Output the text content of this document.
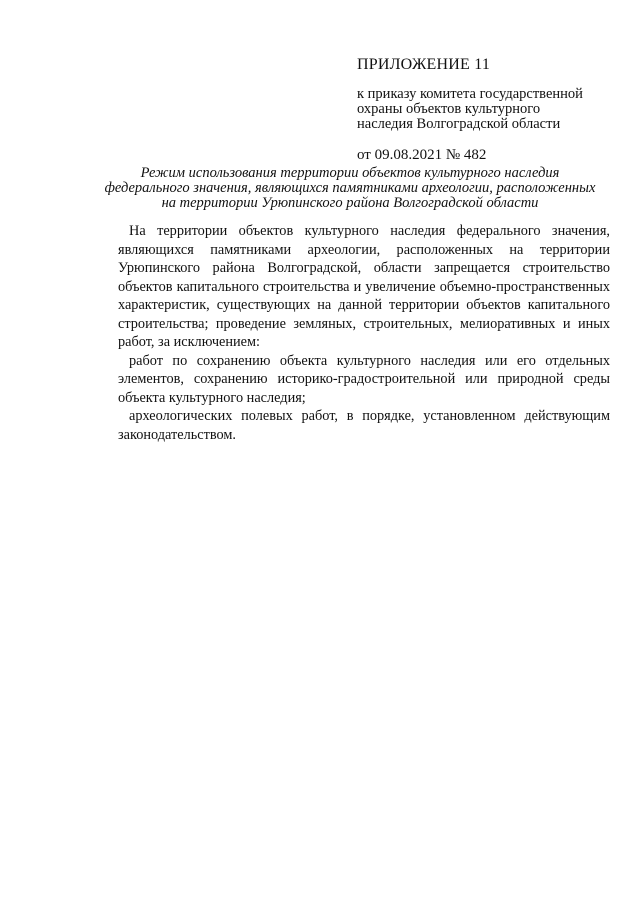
ПРИЛОЖЕНИЕ 11
к приказу комитета государственной
охраны объектов культурного
наследия Волгоградской области
от 09.08.2021 № 482
Режим использования территории объектов культурного наследия
федерального значения, являющихся памятниками археологии, расположенных
на территории Урюпинского района Волгоградской области

На территории объектов культурного наследия федерального значения, являющихся памятниками археологии, расположенных на территории Урюпинского района Волгоградской, области запрещается строительство объектов капитального строительства и увеличение объемно-пространственных характеристик, существующих на данной территории объектов капитального строительства; проведение земляных, строительных, мелиоративных и иных работ, за исключением:

работ по сохранению объекта культурного наследия или его отдельных элементов, сохранению историко-градостроительной или природной среды объекта культурного наследия;

археологических полевых работ, в порядке, установленном действующим законодательством.
